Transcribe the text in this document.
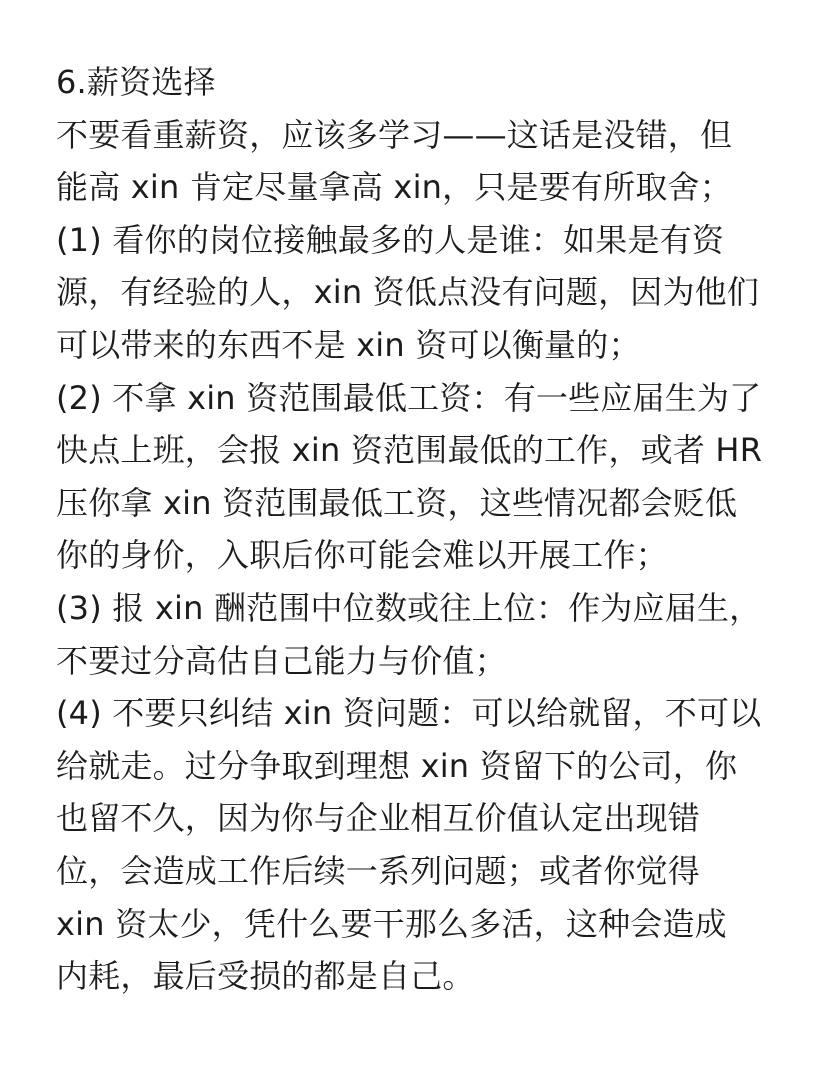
6.薪资选择
不要看重薪资，应该多学习——这话是没错，但
能高 xin 肯定尽量拿高 xin，只是要有所取舍；
(1) 看你的岗位接触最多的人是谁：如果是有资
源，有经验的人，xin 资低点没有问题，因为他们
可以带来的东西不是 xin 资可以衡量的；
(2) 不拿 xin 资范围最低工资：有一些应届生为了
快点上班，会报 xin 资范围最低的工作，或者 HR
压你拿 xin 资范围最低工资，这些情况都会贬低
你的身价，入职后你可能会难以开展工作；
(3) 报 xin 酬范围中位数或往上位：作为应届生，
不要过分高估自己能力与价值；
(4) 不要只纠结 xin 资问题：可以给就留，不可以
给就走。过分争取到理想 xin 资留下的公司，你
也留不久，因为你与企业相互价值认定出现错
位，会造成工作后续一系列问题；或者你觉得
xin 资太少，凭什么要干那么多活，这种会造成
内耗，最后受损的都是自己。
